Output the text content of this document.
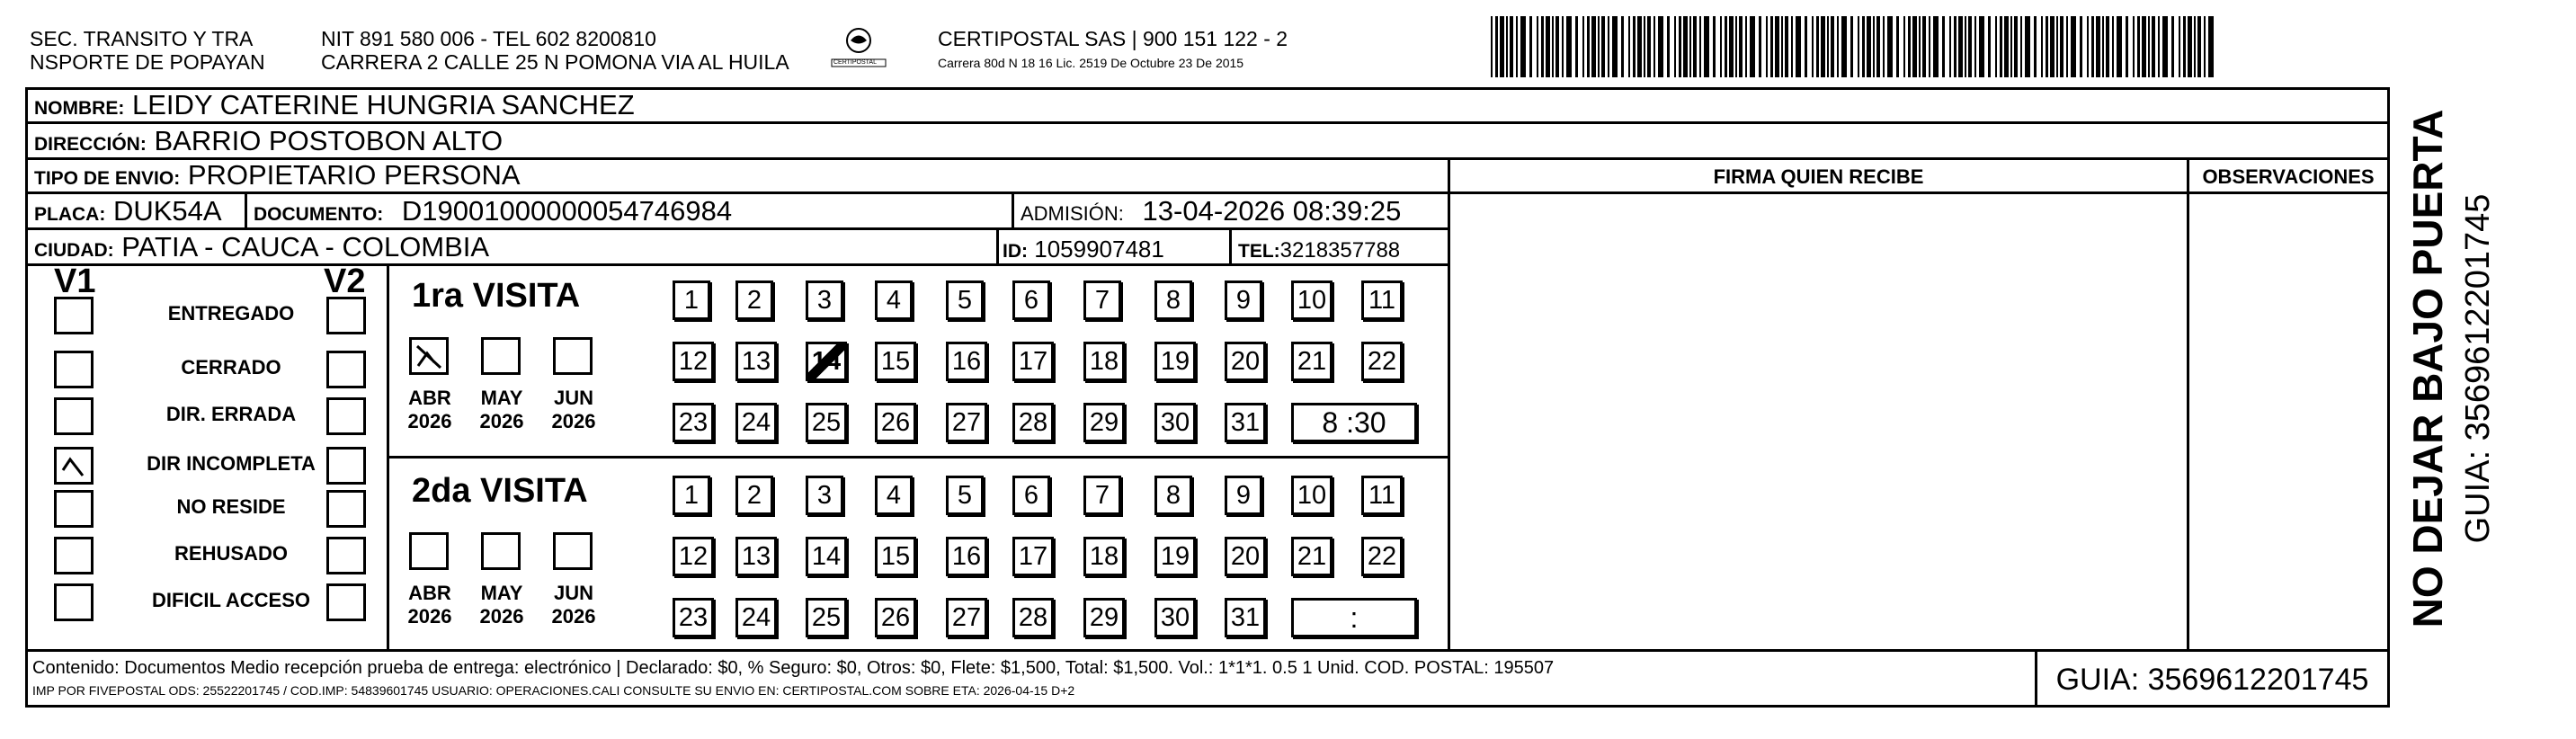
SEC. TRANSITO Y TRA
NSPORTE DE POPAYAN
NIT 891 580 006 - TEL 602 8200810
CARRERA 2 CALLE 25 N POMONA VIA AL HUILA	CERTIPOSTAL
CERTIPOSTAL SAS | 900 151 122 - 2
Carrera 80d N 18 16 Lic. 2519 De Octubre 23 De 2015
NOMBRE: LEIDY CATERINE HUNGRIA SANCHEZ
DIRECCIÓN: BARRIO POSTOBON ALTO
TIPO DE ENVIO: PROPIETARIO PERSONA	FIRMA QUIEN RECIBE	OBSERVACIONES
PLACA: DUK54A DOCUMENTO: D19001000000054746984	ADMISIÓN: 13-04-2026 08:39:25
CIUDAD: PATIA - CAUCA - COLOMBIA	ID: 1059907481	TEL:3218357788
V1	V2
ENTREGADO
CERRADO
DIR. ERRADA
DIR INCOMPLETA
NO RESIDE
REHUSADO
DIFICIL ACCESO
1ra VISITA
ABR
2026
MAY
2026
JUN
2026
1	2	3	4	5	6	7	8	9	10 11
12 13 14 15 16 17 18 19 20 21 22
23 24 25 26 27 28 29 30 31	8 :30
2da VISITA
ABR
2026
MAY
2026
JUN
2026
1	2	3	4	5	6	7	8	9	10 11
12 13 14 15 16 17 18 19 20 21 22
23 24 25 26 27 28 29 30 31	:
Contenido: Documentos Medio recepción prueba de entrega: electrónico | Declarado: $0, % Seguro: $0, Otros: $0, Flete: $1,500, Total: $1,500. Vol.: 1*1*1. 0.5 1 Unid. COD. POSTAL: 195507
IMP POR FIVEPOSTAL ODS: 25522201745 / COD.IMP: 54839601745 USUARIO: OPERACIONES.CALI CONSULTE SU ENVIO EN: CERTIPOSTAL.COM SOBRE ETA: 2026-04-15 D+2	GUIA: 3569612201745
NO DEJAR BAJO PUERTA GUIA: 3569612201745
